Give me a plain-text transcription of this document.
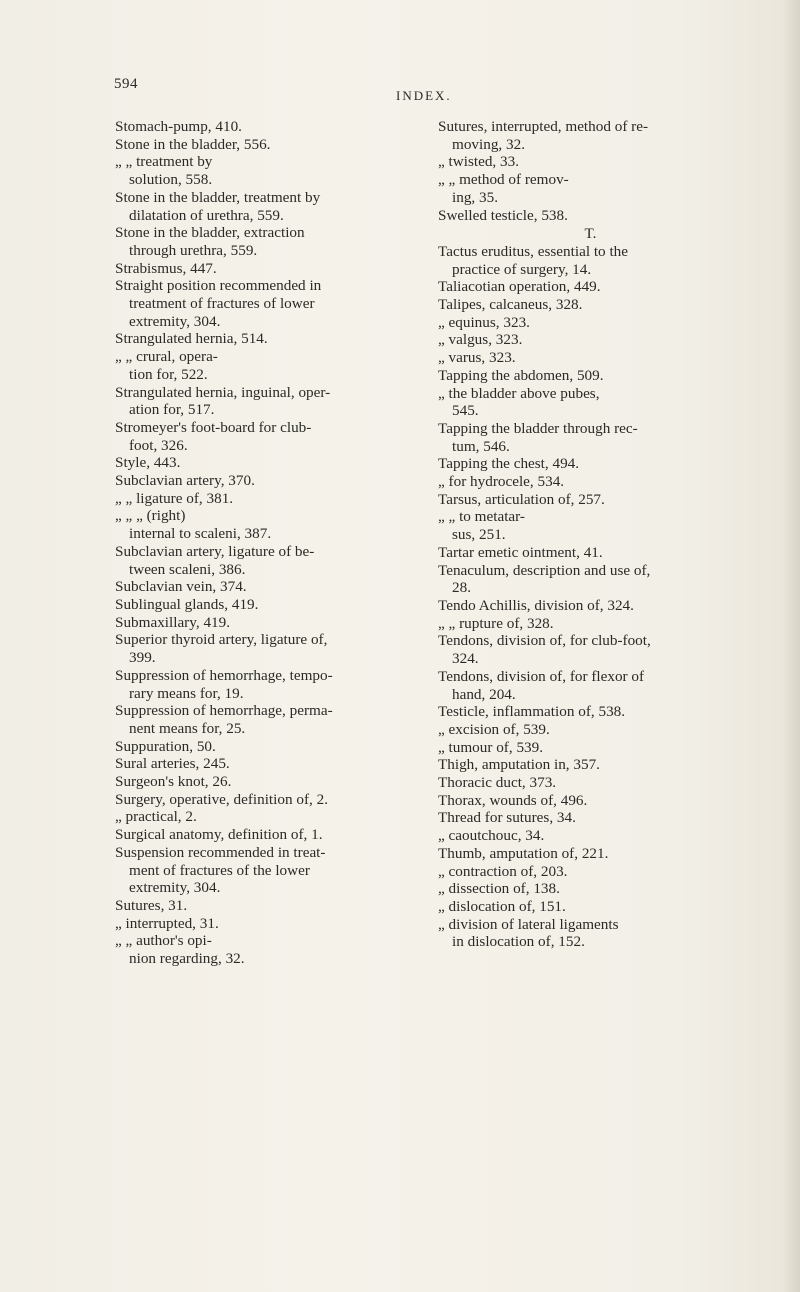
594
INDEX.
Stomach-pump, 410.
Stone in the bladder, 556.
„ „ treatment by
solution, 558.
Stone in the bladder, treatment by
dilatation of urethra, 559.
Stone in the bladder, extraction
through urethra, 559.
Strabismus, 447.
Straight position recommended in
treatment of fractures of lower
extremity, 304.
Strangulated hernia, 514.
„ „ crural, opera-
tion for, 522.
Strangulated hernia, inguinal, oper-
ation for, 517.
Stromeyer's foot-board for club-
foot, 326.
Style, 443.
Subclavian artery, 370.
„ „ ligature of, 381.
„ „ „ (right)
internal to scaleni, 387.
Subclavian artery, ligature of be-
tween scaleni, 386.
Subclavian vein, 374.
Sublingual glands, 419.
Submaxillary, 419.
Superior thyroid artery, ligature of,
399.
Suppression of hemorrhage, tempo-
rary means for, 19.
Suppression of hemorrhage, perma-
nent means for, 25.
Suppuration, 50.
Sural arteries, 245.
Surgeon's knot, 26.
Surgery, operative, definition of, 2.
„ practical, 2.
Surgical anatomy, definition of, 1.
Suspension recommended in treat-
ment of fractures of the lower
extremity, 304.
Sutures, 31.
„ interrupted, 31.
„ „ author's opi-
nion regarding, 32.
Sutures, interrupted, method of re-
moving, 32.
„ twisted, 33.
„ „ method of remov-
ing, 35.
Swelled testicle, 538.
T.
Tactus eruditus, essential to the
practice of surgery, 14.
Taliacotian operation, 449.
Talipes, calcaneus, 328.
„ equinus, 323.
„ valgus, 323.
„ varus, 323.
Tapping the abdomen, 509.
„ the bladder above pubes,
545.
Tapping the bladder through rec-
tum, 546.
Tapping the chest, 494.
„ for hydrocele, 534.
Tarsus, articulation of, 257.
„ „ to metatar-
sus, 251.
Tartar emetic ointment, 41.
Tenaculum, description and use of,
28.
Tendo Achillis, division of, 324.
„ „ rupture of, 328.
Tendons, division of, for club-foot,
324.
Tendons, division of, for flexor of
hand, 204.
Testicle, inflammation of, 538.
„ excision of, 539.
„ tumour of, 539.
Thigh, amputation in, 357.
Thoracic duct, 373.
Thorax, wounds of, 496.
Thread for sutures, 34.
„ caoutchouc, 34.
Thumb, amputation of, 221.
„ contraction of, 203.
„ dissection of, 138.
„ dislocation of, 151.
„ division of lateral ligaments
in dislocation of, 152.
